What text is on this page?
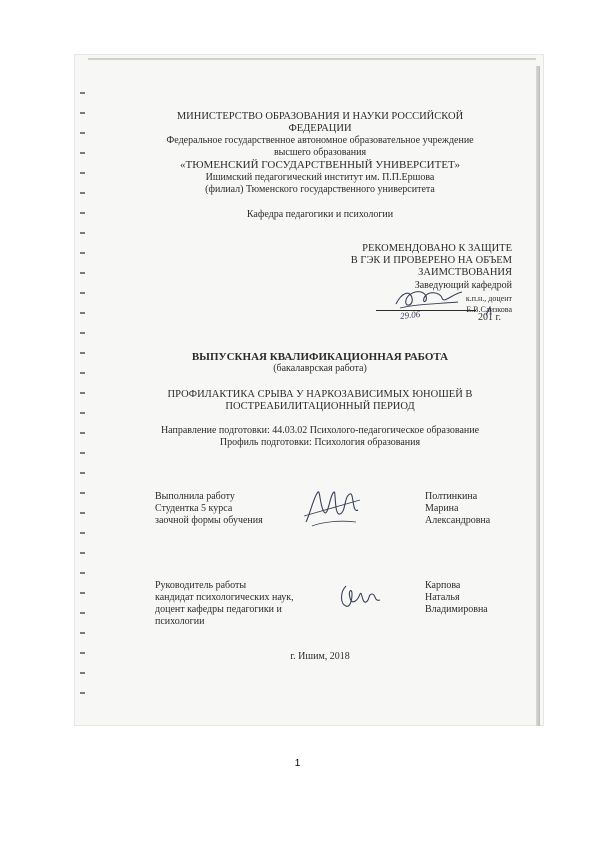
МИНИСТЕРСТВО ОБРАЗОВАНИЯ И НАУКИ РОССИЙСКОЙ
ФЕДЕРАЦИИ
Федеральное государственное автономное образовательное учреждение
высшего образования
«ТЮМЕНСКИЙ ГОСУДАРСТВЕННЫЙ УНИВЕРСИТЕТ»
Ишимский педагогический институт им. П.П.Ершова
(филиал) Тюменского государственного университета
Кафедра педагогики и психологии
РЕКОМЕНДОВАНО К ЗАЩИТЕ
В ГЭК И ПРОВЕРЕНО НА ОБЪЕМ
ЗАИМСТВОВАНИЯ
Заведующий кафедрой
к.п.н., доцент
Е.В.Слизкова
29.06	201 г.
ВЫПУСКНАЯ КВАЛИФИКАЦИОННАЯ РАБОТА
(бакалаврская работа)
ПРОФИЛАКТИКА СРЫВА У НАРКОЗАВИСИМЫХ ЮНОШЕЙ В
ПОСТРЕАБИЛИТАЦИОННЫЙ ПЕРИОД
Направление подготовки: 44.03.02 Психолого-педагогическое образование
Профиль подготовки: Психология образования
Выполнила работу
Студентка 5 курса
заочной формы обучения
Полтинкина
Марина
Александровна
Руководитель работы
кандидат психологических наук,
доцент кафедры педагогики и
психологии
Карпова
Наталья
Владимировна
г. Ишим, 2018
1
